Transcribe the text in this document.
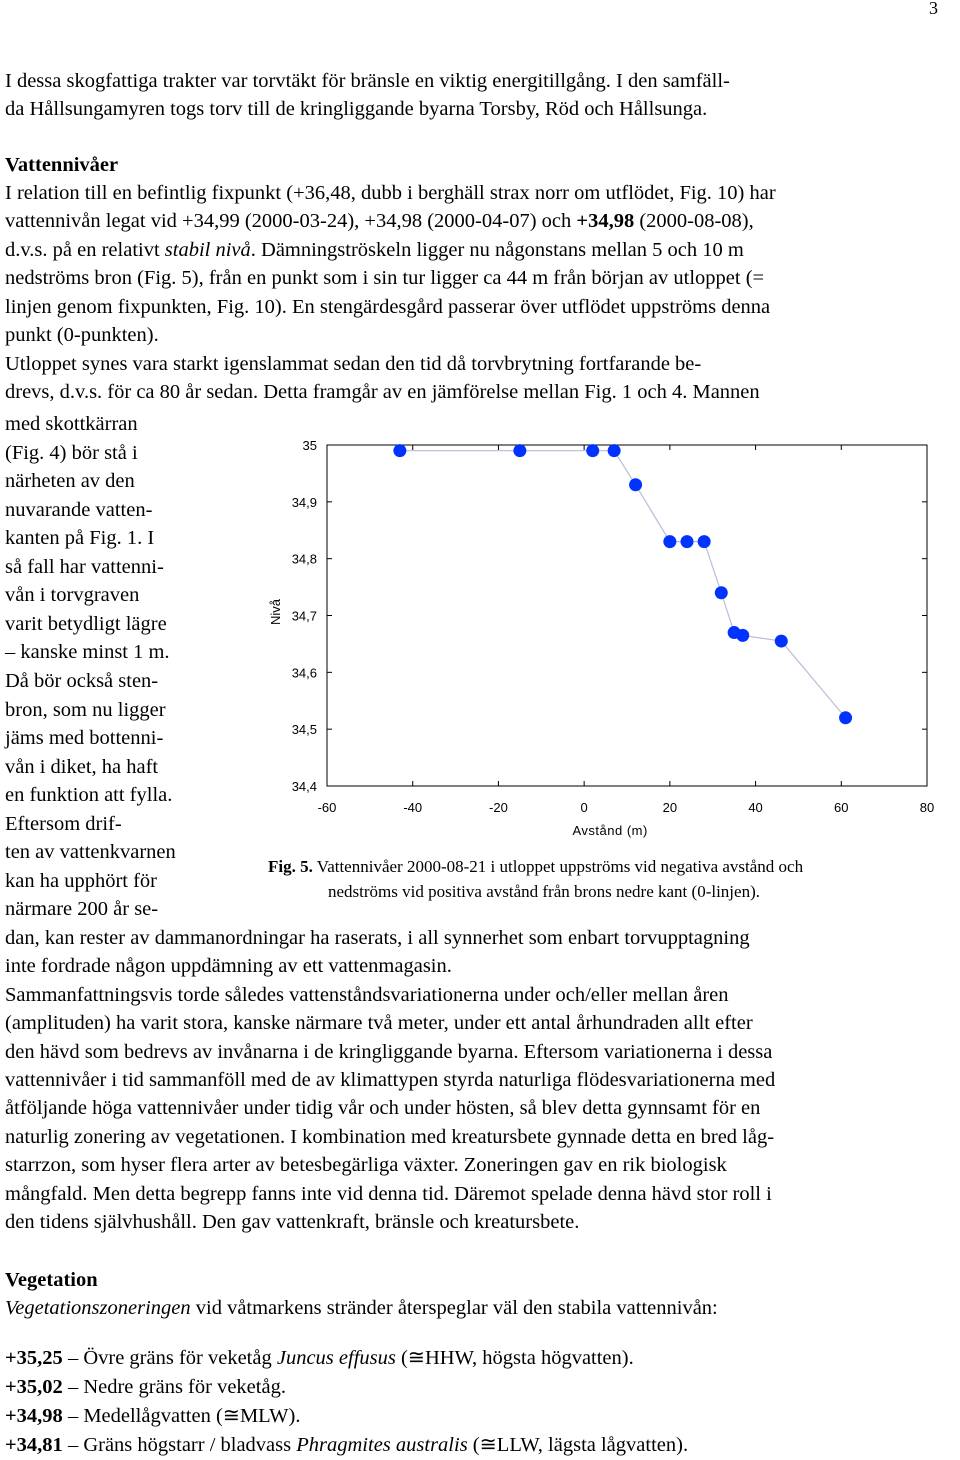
3
I dessa skogfattiga trakter var torvtäkt för bränsle en viktig energitillgång. I den samfäll-
da Hållsungamyren togs torv till de kringliggande byarna Torsby, Röd och Hållsunga.
Vattennivåer
I relation till en befintlig fixpunkt (+36,48, dubb i berghäll strax norr om utflödet, Fig. 10) har
vattennivån legat vid +34,99 (2000-03-24), +34,98 (2000-04-07) och +34,98 (2000-08-08),
d.v.s. på en relativt stabil nivå. Dämningströskeln ligger nu någonstans mellan 5 och 10 m
nedströms bron (Fig. 5), från en punkt som i sin tur ligger ca 44 m från början av utloppet (=
linjen genom fixpunkten, Fig. 10). En stengärdesgård passerar över utflödet uppströms denna
punkt (0-punkten).
Utloppet synes vara starkt igenslammat sedan den tid då torvbrytning fortfarande be-
drevs, d.v.s. för ca 80 år sedan. Detta framgår av en jämförelse mellan Fig. 1 och 4. Mannen
med skottkärran
(Fig. 4) bör stå i
närheten av den
nuvarande vatten-
kanten på Fig. 1. I
så fall har vattenni-
vån i torvgraven
varit betydligt lägre
– kanske minst 1 m.
Då bör också sten-
bron, som nu ligger
jäms med bottenni-
vån i diket, ha haft
en funktion att fylla.
Eftersom drif-
ten av vattenkvarnen
kan ha upphört för
närmare 200 år se-
35
34,9
34,8
34,7
34,6
34,5
34,4
-60	-40	-20	0	20	40	60	80
Avstånd (m)
Nivå
Fig. 5. Vattennivåer 2000-08-21 i utloppet uppströms vid negativa avstånd och
nedströms vid positiva avstånd från brons nedre kant (0-linjen).
dan, kan rester av dammanordningar ha raserats, i all synnerhet som enbart torvupptagning
inte fordrade någon uppdämning av ett vattenmagasin.
Sammanfattningsvis torde således vattenståndsvariationerna under och/eller mellan åren
(amplituden) ha varit stora, kanske närmare två meter, under ett antal århundraden allt efter
den hävd som bedrevs av invånarna i de kringliggande byarna. Eftersom variationerna i dessa
vattennivåer i tid sammanföll med de av klimattypen styrda naturliga flödesvariationerna med
åtföljande höga vattennivåer under tidig vår och under hösten, så blev detta gynnsamt för en
naturlig zonering av vegetationen. I kombination med kreatursbete gynnade detta en bred låg-
starrzon, som hyser flera arter av betesbegärliga växter. Zoneringen gav en rik biologisk
mångfald. Men detta begrepp fanns inte vid denna tid. Däremot spelade denna hävd stor roll i
den tidens självhushåll. Den gav vattenkraft, bränsle och kreatursbete.
Vegetation
Vegetationszoneringen vid våtmarkens stränder återspeglar väl den stabila vattennivån:
+35,25 – Övre gräns för veketåg Juncus effusus (≅HHW, högsta högvatten).
+35,02 – Nedre gräns för veketåg.
+34,98 – Medellågvatten (≅MLW).
+34,81 – Gräns högstarr / bladvass Phragmites australis (≅LLW, lägsta lågvatten).
